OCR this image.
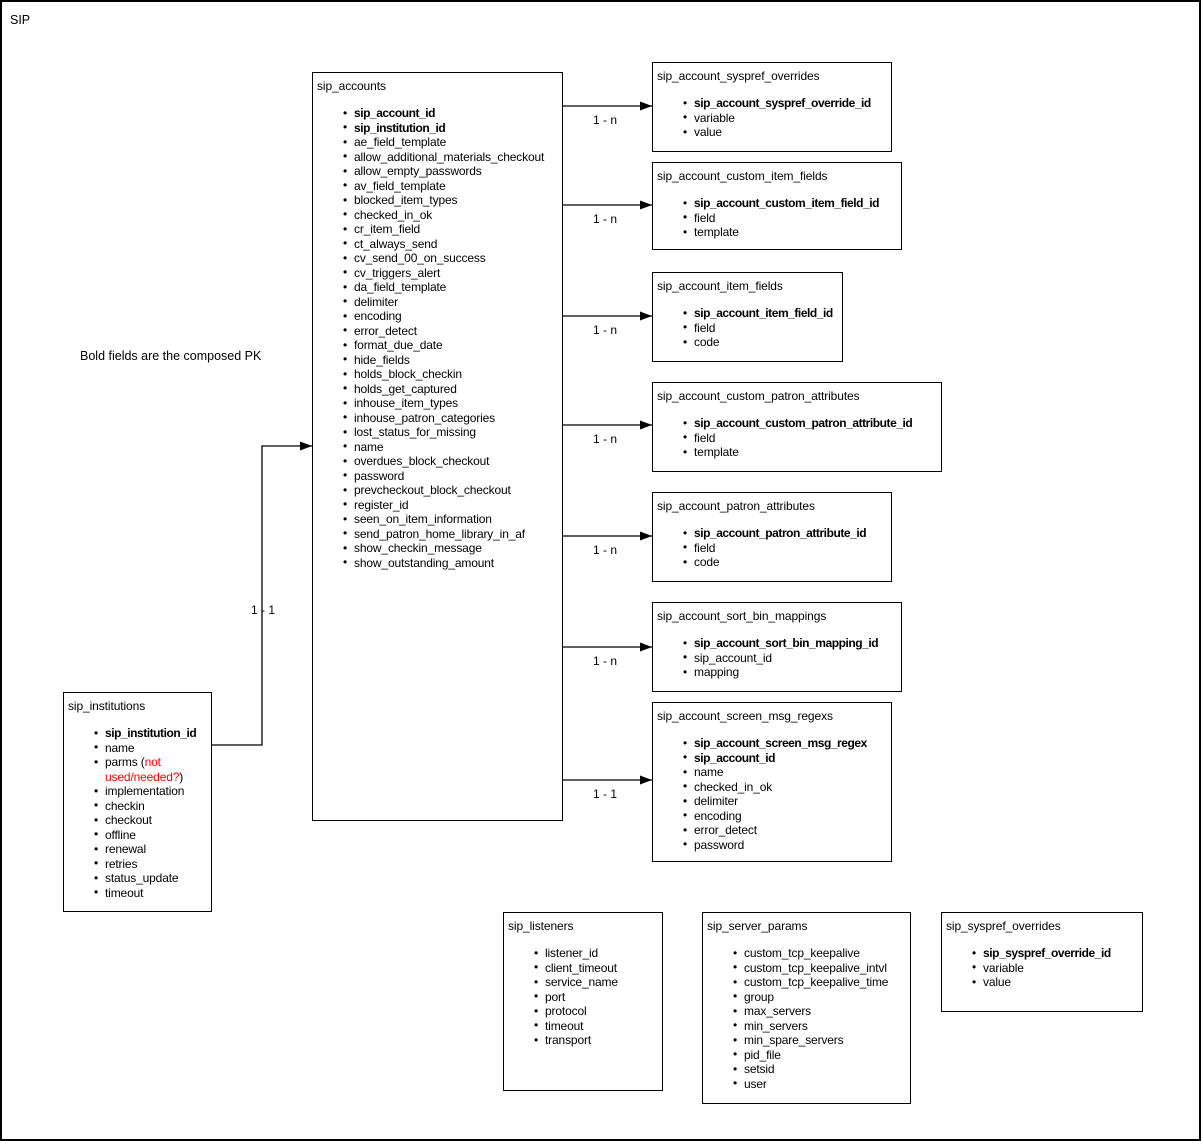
1 - n
1 - n
1 - n
1 - n
1 - n
1 - n
1 - 1
1 - 1
SIP
Bold fields are the composed PK
sip_accounts
• sip_account_id
• sip_institution_id
• ae_field_template
• allow_additional_materials_checkout
• allow_empty_passwords
• av_field_template
• blocked_item_types
• checked_in_ok
• cr_item_field
• ct_always_send
• cv_send_00_on_success
• cv_triggers_alert
• da_field_template
• delimiter
• encoding
• error_detect
• format_due_date
• hide_fields
• holds_block_checkin
• holds_get_captured
• inhouse_item_types
• inhouse_patron_categories
• lost_status_for_missing
• name
• overdues_block_checkout
• password
• prevcheckout_block_checkout
• register_id
• seen_on_item_information
• send_patron_home_library_in_af
• show_checkin_message
• show_outstanding_amount
sip_account_syspref_overrides
• sip_account_syspref_override_id
• variable
• value
sip_account_custom_item_fields
• sip_account_custom_item_field_id
• field
• template
sip_account_item_fields
• sip_account_item_field_id
• field
• code
sip_account_custom_patron_attributes
• sip_account_custom_patron_attribute_id
• field
• template
sip_account_patron_attributes
• sip_account_patron_attribute_id
• field
• code
sip_account_sort_bin_mappings
• sip_account_sort_bin_mapping_id
• sip_account_id
• mapping
sip_account_screen_msg_regexs
• sip_account_screen_msg_regex
• sip_account_id
• name
• checked_in_ok
• delimiter
• encoding
• error_detect
• password
sip_institutions
• sip_institution_id
• name
• parms (not used/needed?)
• implementation
• checkin
• checkout
• offline
• renewal
• retries
• status_update
• timeout
sip_listeners
• listener_id
• client_timeout
• service_name
• port
• protocol
• timeout
• transport
sip_server_params
• custom_tcp_keepalive
• custom_tcp_keepalive_intvl
• custom_tcp_keepalive_time
• group
• max_servers
• min_servers
• min_spare_servers
• pid_file
• setsid
• user
sip_syspref_overrides
• sip_syspref_override_id
• variable
• value
